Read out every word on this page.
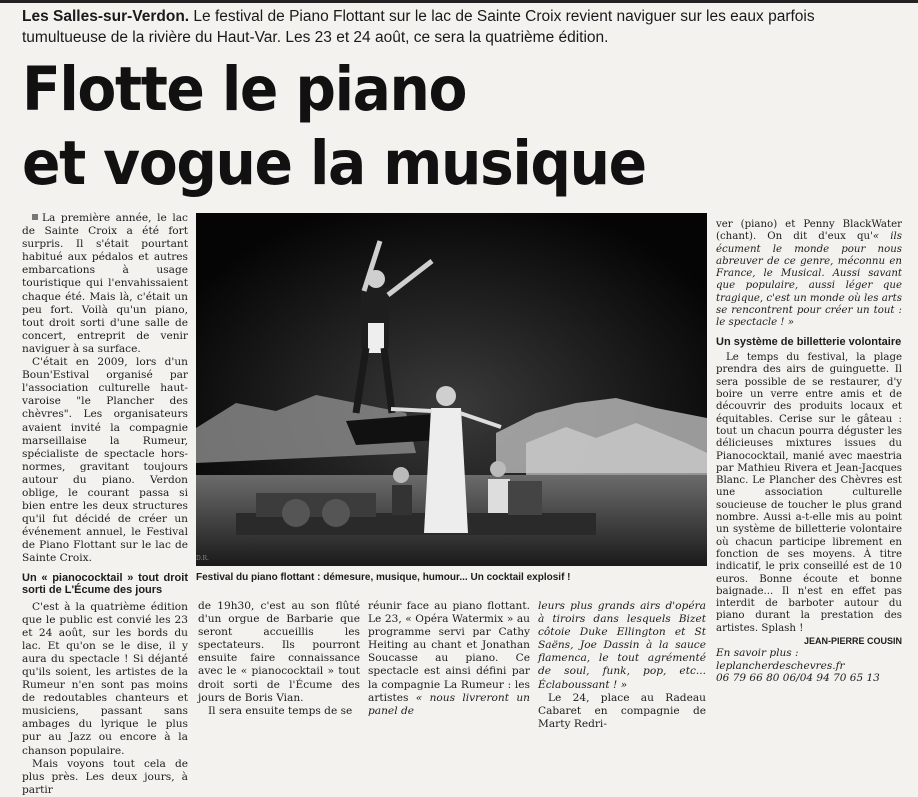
Les Salles-sur-Verdon. Le festival de Piano Flottant sur le lac de Sainte Croix revient naviguer sur les eaux parfois tumultueuse de la rivière du Haut-Var. Les 23 et 24 août, ce sera la quatrième édition.
Flotte le piano
et vogue la musique

La première année, le lac de Sainte Croix a été fort surpris. Il s'était pourtant habitué aux pédalos et autres embarcations à usage touristique qui l'envahissaient chaque été. Mais là, c'était un peu fort. Voilà qu'un piano, tout droit sorti d'une salle de concert, entreprit de venir naviguer à sa surface.

C'était en 2009, lors d'un Boun'Estival organisé par l'association culturelle haut-varoise "le Plancher des chèvres". Les organisateurs avaient invité la compagnie marseillaise la Rumeur, spécialiste de spectacle hors-normes, gravitant toujours autour du piano. Verdon oblige, le courant passa si bien entre les deux structures qu'il fut décidé de créer un événement annuel, le Festival de Piano Flottant sur le lac de Sainte Croix.

Un « pianococktail » tout droit sorti de L'Écume des jours

C'est à la quatrième édition que le public est convié les 23 et 24 août, sur les bords du lac. Et qu'on se le dise, il y aura du spectacle ! Si déjanté qu'ils soient, les artistes de la Rumeur n'en sont pas moins de redoutables chanteurs et musiciens, passant sans ambages du lyrique le plus pur au Jazz ou encore à la chanson populaire.

Mais voyons tout cela de plus près. Les deux jours, à partir

D.R.
Festival du piano flottant : démesure, musique, humour... Un cocktail explosif !

de 19h30, c'est au son flûté d'un orgue de Barbarie que seront accueillis les spectateurs. Ils pourront ensuite faire connaissance avec le « pianococktail » tout droit sorti de l'Écume des jours de Boris Vian.

Il sera ensuite temps de se

réunir face au piano flottant. Le 23, « Opéra Watermix » au programme servi par Cathy Heiting au chant et Jonathan Soucasse au piano. Ce spectacle est ainsi défini par la compagnie La Rumeur : les artistes « nous livreront un panel de

leurs plus grands airs d'opéra à tiroirs dans lesquels Bizet côtoie Duke Ellington et St Saëns, Joe Dassin à la sauce flamenca, le tout agrémenté de soul, funk, pop, etc... Éclaboussant ! »

Le 24, place au Radeau Cabaret en compagnie de Marty Redri-

ver (piano) et Penny BlackWater (chant). On dit d'eux qu'« ils écument le monde pour nous abreuver de ce genre, méconnu en France, le Musical. Aussi savant que populaire, aussi léger que tragique, c'est un monde où les arts se rencontrent pour créer un tout : le spectacle ! »

Un système de billetterie volontaire

Le temps du festival, la plage prendra des airs de guinguette. Il sera possible de se restaurer, d'y boire un verre entre amis et de découvrir des produits locaux et équitables. Cerise sur le gâteau : tout un chacun pourra déguster les délicieuses mixtures issues du Pianococktail, manié avec maestria par Mathieu Rivera et Jean-Jacques Blanc. Le Plancher des Chèvres est une association culturelle soucieuse de toucher le plus grand nombre. Aussi a-t-elle mis au point un système de billetterie volontaire où chacun participe librement en fonction de ses moyens. À titre indicatif, le prix conseillé est de 10 euros. Bonne écoute et bonne baignade... Il n'est en effet pas interdit de barboter autour du piano durant la prestation des artistes. Splash !

JEAN-PIERRE COUSIN
En savoir plus :
leplancherdeschevres.fr
06 79 66 80 06/04 94 70 65 13
